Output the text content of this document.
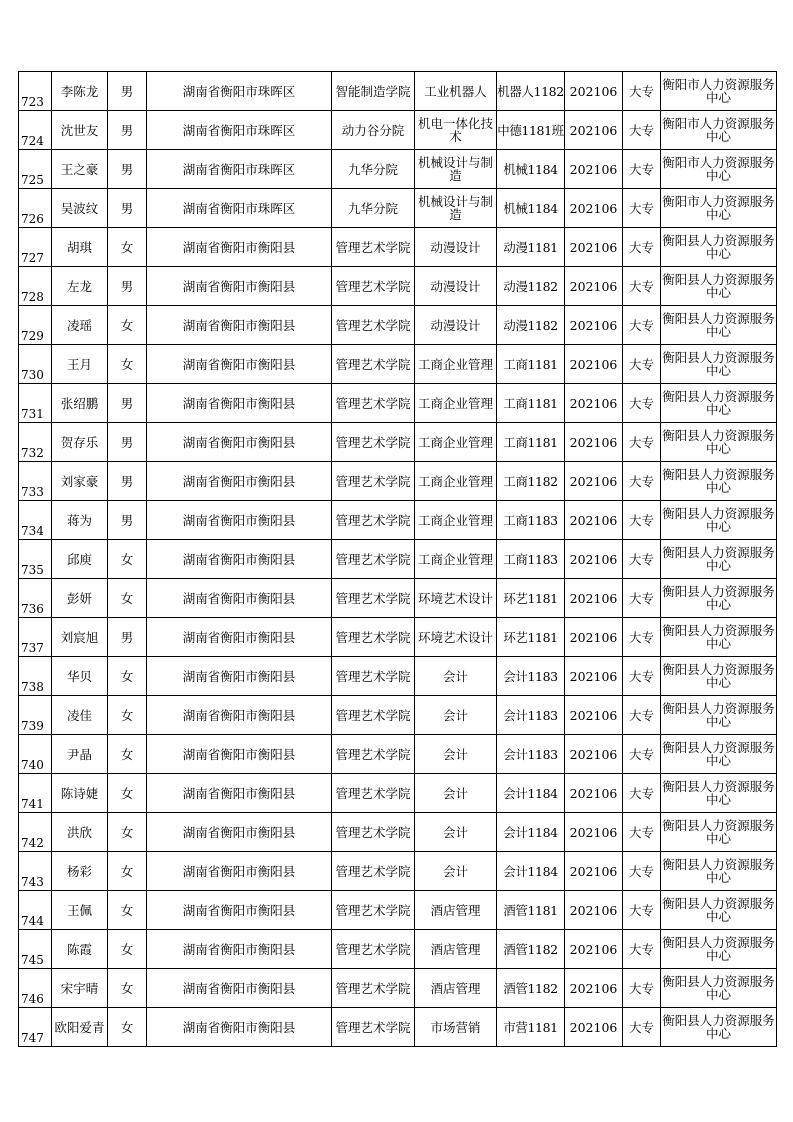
723	李陈龙	男	湖南省衡阳市珠晖区	智能制造学院	工业机器人	机器人1182	202106	大专	衡阳市人力资源服务中心
724	沈世友	男	湖南省衡阳市珠晖区	动力谷分院	机电一体化技术	中德1181班	202106	大专	衡阳市人力资源服务中心
725	王之豪	男	湖南省衡阳市珠晖区	九华分院	机械设计与制造	机械1184	202106	大专	衡阳市人力资源服务中心
726	吴波纹	男	湖南省衡阳市珠晖区	九华分院	机械设计与制造	机械1184	202106	大专	衡阳市人力资源服务中心
727	胡琪	女	湖南省衡阳市衡阳县	管理艺术学院	动漫设计	动漫1181	202106	大专	衡阳县人力资源服务中心
728	左龙	男	湖南省衡阳市衡阳县	管理艺术学院	动漫设计	动漫1182	202106	大专	衡阳县人力资源服务中心
729	凌瑶	女	湖南省衡阳市衡阳县	管理艺术学院	动漫设计	动漫1182	202106	大专	衡阳县人力资源服务中心
730	王月	女	湖南省衡阳市衡阳县	管理艺术学院	工商企业管理	工商1181	202106	大专	衡阳县人力资源服务中心
731	张绍鹏	男	湖南省衡阳市衡阳县	管理艺术学院	工商企业管理	工商1181	202106	大专	衡阳县人力资源服务中心
732	贺存乐	男	湖南省衡阳市衡阳县	管理艺术学院	工商企业管理	工商1181	202106	大专	衡阳县人力资源服务中心
733	刘家豪	男	湖南省衡阳市衡阳县	管理艺术学院	工商企业管理	工商1182	202106	大专	衡阳县人力资源服务中心
734	蒋为	男	湖南省衡阳市衡阳县	管理艺术学院	工商企业管理	工商1183	202106	大专	衡阳县人力资源服务中心
735	邱庾	女	湖南省衡阳市衡阳县	管理艺术学院	工商企业管理	工商1183	202106	大专	衡阳县人力资源服务中心
736	彭妍	女	湖南省衡阳市衡阳县	管理艺术学院	环境艺术设计	环艺1181	202106	大专	衡阳县人力资源服务中心
737	刘宸旭	男	湖南省衡阳市衡阳县	管理艺术学院	环境艺术设计	环艺1181	202106	大专	衡阳县人力资源服务中心
738	华贝	女	湖南省衡阳市衡阳县	管理艺术学院	会计	会计1183	202106	大专	衡阳县人力资源服务中心
739	凌佳	女	湖南省衡阳市衡阳县	管理艺术学院	会计	会计1183	202106	大专	衡阳县人力资源服务中心
740	尹晶	女	湖南省衡阳市衡阳县	管理艺术学院	会计	会计1183	202106	大专	衡阳县人力资源服务中心
741	陈诗婕	女	湖南省衡阳市衡阳县	管理艺术学院	会计	会计1184	202106	大专	衡阳县人力资源服务中心
742	洪欣	女	湖南省衡阳市衡阳县	管理艺术学院	会计	会计1184	202106	大专	衡阳县人力资源服务中心
743	杨彩	女	湖南省衡阳市衡阳县	管理艺术学院	会计	会计1184	202106	大专	衡阳县人力资源服务中心
744	王佩	女	湖南省衡阳市衡阳县	管理艺术学院	酒店管理	酒管1181	202106	大专	衡阳县人力资源服务中心
745	陈霞	女	湖南省衡阳市衡阳县	管理艺术学院	酒店管理	酒管1182	202106	大专	衡阳县人力资源服务中心
746	宋宇晴	女	湖南省衡阳市衡阳县	管理艺术学院	酒店管理	酒管1182	202106	大专	衡阳县人力资源服务中心
747	欧阳爱青	女	湖南省衡阳市衡阳县	管理艺术学院	市场营销	市营1181	202106	大专	衡阳县人力资源服务中心
